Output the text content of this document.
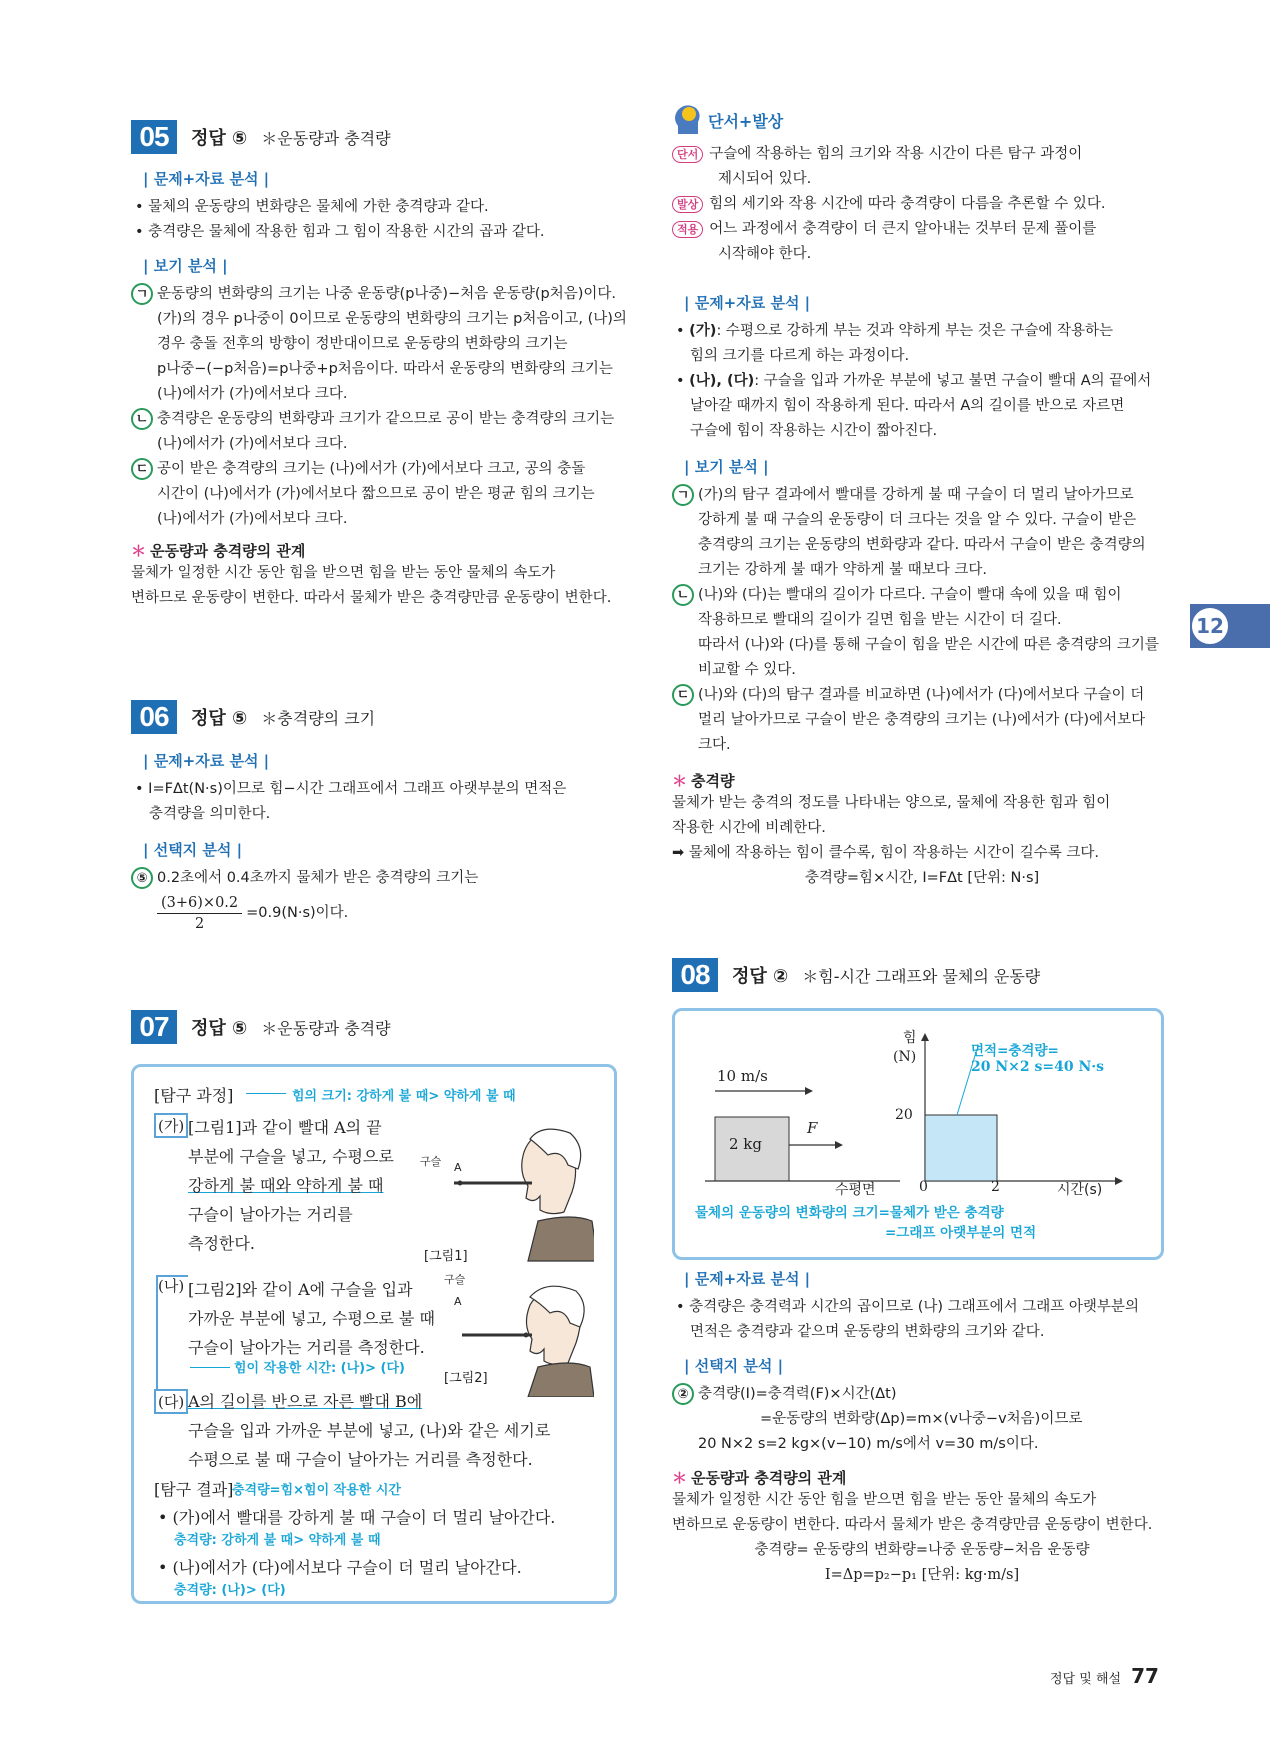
05	정답 ⑤ ＊운동량과 충격량
| 문제+자료 분석 |
• 물체의 운동량의 변화량은 물체에 가한 충격량과 같다.
• 충격량은 물체에 작용한 힘과 그 힘이 작용한 시간의 곱과 같다.
| 보기 분석 |
ㄱ 운동량의 변화량의 크기는 나중 운동량(p나중)−처음 운동량(p처음)이다.
(가)의 경우 p나중이 0이므로 운동량의 변화량의 크기는 p처음이고, (나)의
경우 충돌 전후의 방향이 정반대이므로 운동량의 변화량의 크기는
p나중−(−p처음)=p나중+p처음이다. 따라서 운동량의 변화량의 크기는
(나)에서가 (가)에서보다 크다.
ㄴ 충격량은 운동량의 변화량과 크기가 같으므로 공이 받는 충격량의 크기는
(나)에서가 (가)에서보다 크다.
ㄷ 공이 받은 충격량의 크기는 (나)에서가 (가)에서보다 크고, 공의 충돌
시간이 (나)에서가 (가)에서보다 짧으므로 공이 받은 평균 힘의 크기는
(나)에서가 (가)에서보다 크다.
＊ 운동량과 충격량의 관계
물체가 일정한 시간 동안 힘을 받으면 힘을 받는 동안 물체의 속도가
변하므로 운동량이 변한다. 따라서 물체가 받은 충격량만큼 운동량이 변한다.
06	정답 ⑤ ＊충격량의 크기
| 문제+자료 분석 |
• I=FΔt(N·s)이므로 힘−시간 그래프에서 그래프 아랫부분의 면적은
충격량을 의미한다.
| 선택지 분석 |
⑤ 0.2초에서 0.4초까지 물체가 받은 충격량의 크기는
$\frac{(3+6)\times 0.2}{2} =0.9(N\cdot s)$이다.
07	정답 ⑤ ＊운동량과 충격량
[탐구 과정]	힘의 크기: 강하게 불 때> 약하게 불 때
(가) [그림1]과 같이 빨대 A의 끝
부분에 구슬을 넣고, 수평으로
강하게 불 때와 약하게 불 때
구슬이 날아가는 거리를
측정한다.
구슬 A
[그림1]
(나) [그림2]와 같이 A에 구슬을 입과
가까운 부분에 넣고, 수평으로 불 때
구슬이 날아가는 거리를 측정한다.
힘이 작용한 시간: (나)> (다)
구슬
A
[그림2]
(다) A의 길이를 반으로 자른 빨대 B에
구슬을 입과 가까운 부분에 넣고, (나)와 같은 세기로
수평으로 불 때 구슬이 날아가는 거리를 측정한다.
[탐구 결과]
충격량=힘×힘이 작용한 시간
• (가)에서 빨대를 강하게 불 때 구슬이 더 멀리 날아간다.
충격량: 강하게 불 때> 약하게 불 때
• (나)에서가 (다)에서보다 구슬이 더 멀리 날아간다.
충격량: (나)> (다)
단서+발상
단서 구슬에 작용하는 힘의 크기와 작용 시간이 다른 탐구 과정이
제시되어 있다.
발상 힘의 세기와 작용 시간에 따라 충격량이 다름을 추론할 수 있다.
적용 어느 과정에서 충격량이 더 큰지 알아내는 것부터 문제 풀이를
시작해야 한다.
| 문제+자료 분석 |
• (가): 수평으로 강하게 부는 것과 약하게 부는 것은 구슬에 작용하는
힘의 크기를 다르게 하는 과정이다.
• (나), (다): 구슬을 입과 가까운 부분에 넣고 불면 구슬이 빨대 A의 끝에서
날아갈 때까지 힘이 작용하게 된다. 따라서 A의 길이를 반으로 자르면
구슬에 힘이 작용하는 시간이 짧아진다.
| 보기 분석 |
ㄱ (가)의 탐구 결과에서 빨대를 강하게 불 때 구슬이 더 멀리 날아가므로
강하게 불 때 구슬의 운동량이 더 크다는 것을 알 수 있다. 구슬이 받은
충격량의 크기는 운동량의 변화량과 같다. 따라서 구슬이 받은 충격량의
크기는 강하게 불 때가 약하게 불 때보다 크다.
ㄴ (나)와 (다)는 빨대의 길이가 다르다. 구슬이 빨대 속에 있을 때 힘이
작용하므로 빨대의 길이가 길면 힘을 받는 시간이 더 길다.
따라서 (나)와 (다)를 통해 구슬이 힘을 받은 시간에 따른 충격량의 크기를
비교할 수 있다.
ㄷ (나)와 (다)의 탐구 결과를 비교하면 (나)에서가 (다)에서보다 구슬이 더
멀리 날아가므로 구슬이 받은 충격량의 크기는 (나)에서가 (다)에서보다
크다.
＊ 충격량
물체가 받는 충격의 정도를 나타내는 양으로, 물체에 작용한 힘과 힘이
작용한 시간에 비례한다.
➡ 물체에 작용하는 힘이 클수록, 힘이 작용하는 시간이 길수록 크다.
충격량=힘×시간, I=FΔt [단위: N·s]
12
08	정답 ② ＊힘-시간 그래프와 물체의 운동량
10 m/s
2 kg
F
수평면
힘
(N)
20
0	2	시간(s)
면적=충격량=
20 N×2 s=40 N·s
물체의 운동량의 변화량의 크기=물체가 받은 충격량
=그래프 아랫부분의 면적
| 문제+자료 분석 |
• 충격량은 충격력과 시간의 곱이므로 (나) 그래프에서 그래프 아랫부분의
면적은 충격량과 같으며 운동량의 변화량의 크기와 같다.
| 선택지 분석 |
② 충격량(I)=충격력(F)×시간(Δt)
=운동량의 변화량(Δp)=m×(v나중−v처음)이므로
20 N×2 s=2 kg×(v−10) m/s에서 v=30 m/s이다.
＊ 운동량과 충격량의 관계
물체가 일정한 시간 동안 힘을 받으면 힘을 받는 동안 물체의 속도가
변하므로 운동량이 변한다. 따라서 물체가 받은 충격량만큼 운동량이 변한다.
충격량= 운동량의 변화량=나중 운동량−처음 운동량
I=Δp=p₂−p₁ [단위: kg·m/s]
정답 및 해설 77
